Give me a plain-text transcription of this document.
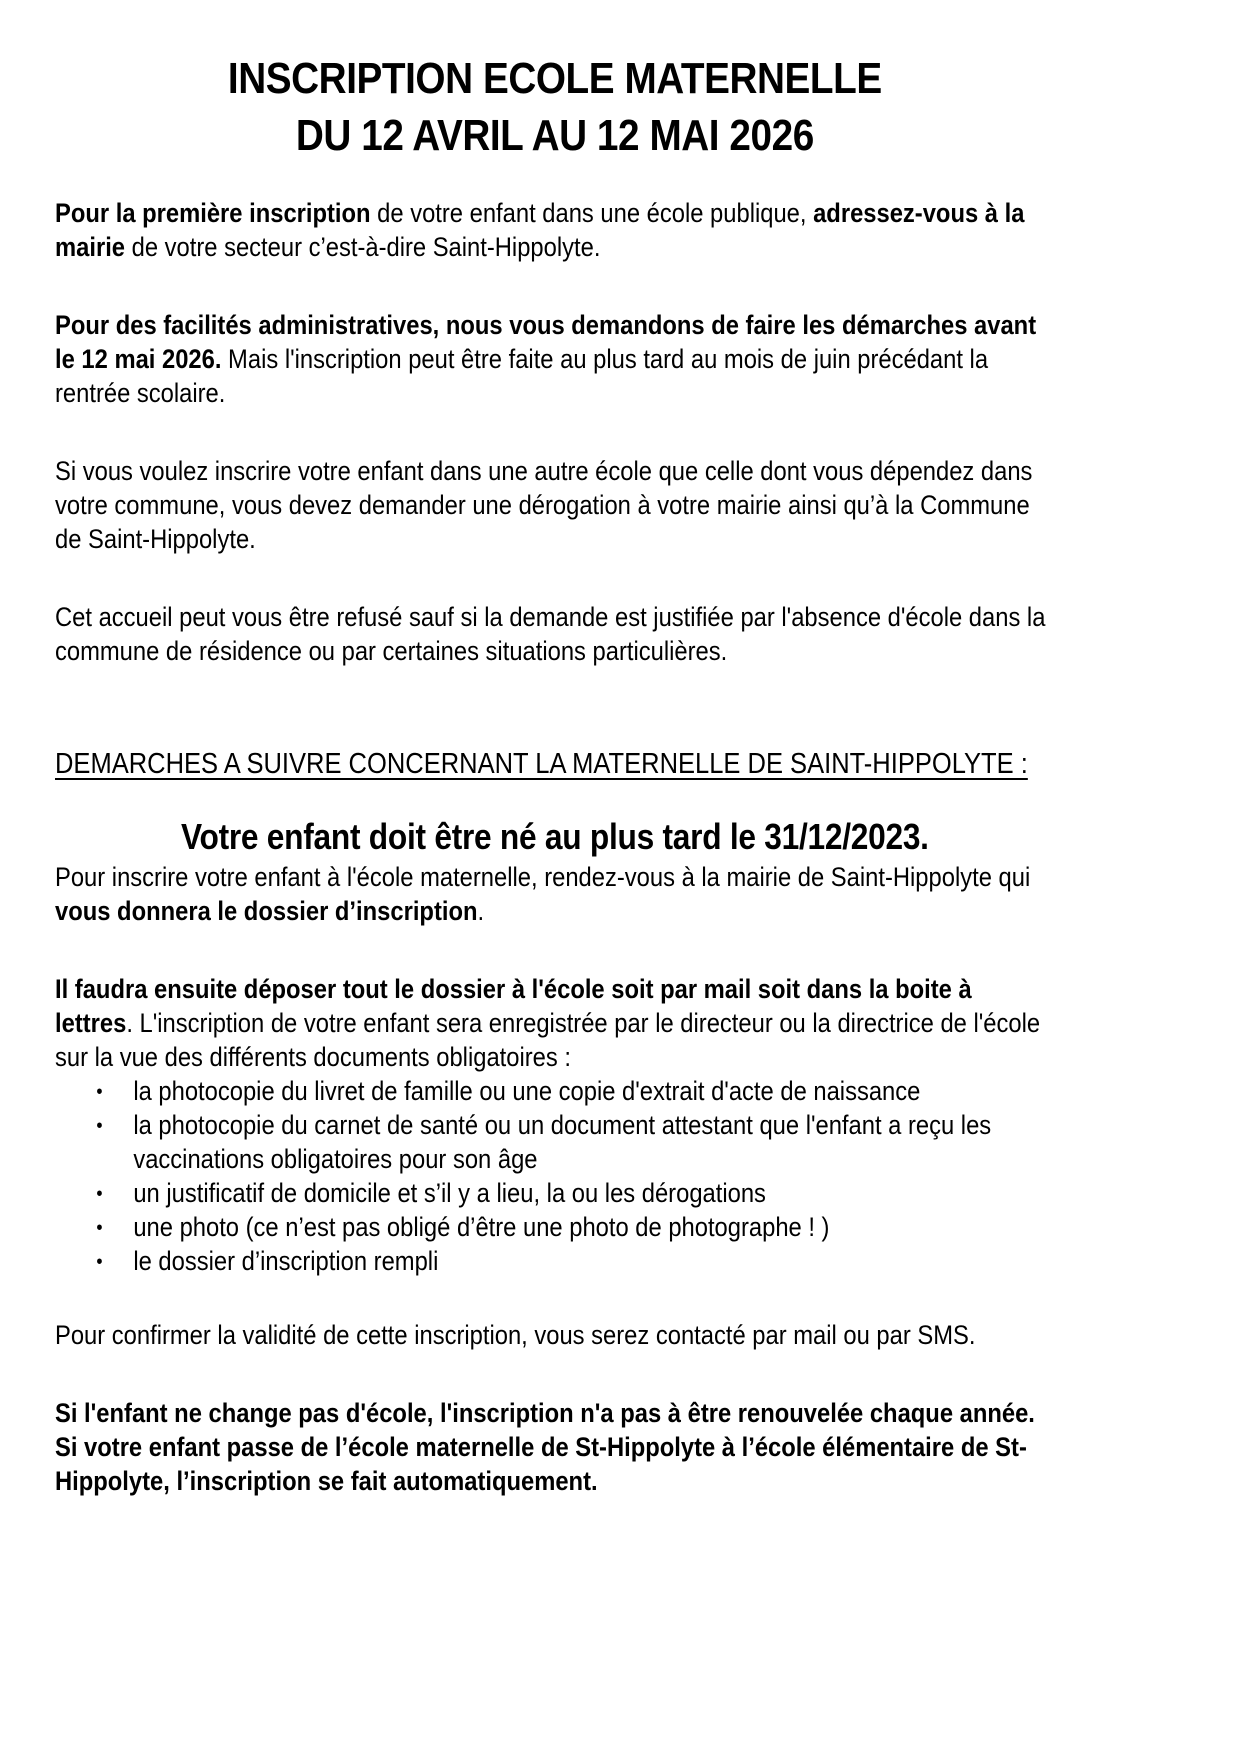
INSCRIPTION ECOLE MATERNELLE
DU 12 AVRIL AU 12 MAI 2026

Pour la première inscription de votre enfant dans une école publique, adressez-vous à la mairie de votre secteur c’est-à-dire Saint-Hippolyte.

Pour des facilités administratives, nous vous demandons de faire les démarches avant le 12 mai 2026. Mais l'inscription peut être faite au plus tard au mois de juin précédant la rentrée scolaire.

Si vous voulez inscrire votre enfant dans une autre école que celle dont vous dépendez dans votre commune, vous devez demander une dérogation à votre mairie ainsi qu’à la Commune de Saint-Hippolyte.

Cet accueil peut vous être refusé sauf si la demande est justifiée par l'absence d'école dans la commune de résidence ou par certaines situations particulières.

DEMARCHES A SUIVRE CONCERNANT LA MATERNELLE DE SAINT-HIPPOLYTE :

Votre enfant doit être né au plus tard le 31/12/2023.

Pour inscrire votre enfant à l'école maternelle, rendez-vous à la mairie de Saint-Hippolyte qui vous donnera le dossier d’inscription.

Il faudra ensuite déposer tout le dossier à l'école soit par mail soit dans la boite à lettres. L'inscription de votre enfant sera enregistrée par le directeur ou la directrice de l'école sur la vue des différents documents obligatoires :

• la photocopie du livret de famille ou une copie d'extrait d'acte de naissance
• la photocopie du carnet de santé ou un document attestant que l'enfant a reçu les vaccinations obligatoires pour son âge
• un justificatif de domicile et s’il y a lieu, la ou les dérogations
• une photo (ce n’est pas obligé d’être une photo de photographe ! )
• le dossier d’inscription rempli

Pour confirmer la validité de cette inscription, vous serez contacté par mail ou par SMS.

Si l'enfant ne change pas d'école, l'inscription n'a pas à être renouvelée chaque année. Si votre enfant passe de l’école maternelle de St-Hippolyte à l’école élémentaire de St-Hippolyte, l’inscription se fait automatiquement.
